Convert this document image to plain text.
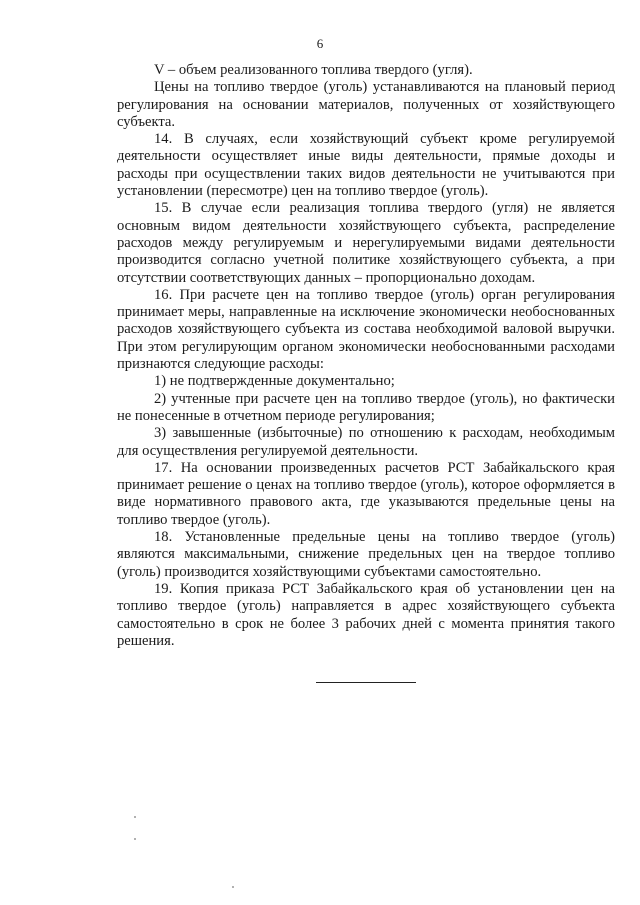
6

V – объем реализованного топлива твердого (угля).

Цены на топливо твердое (уголь) устанавливаются на плановый период регулирования на основании материалов, полученных от хозяйствующего субъекта.

14. В случаях, если хозяйствующий субъект кроме регулируемой деятельности осуществляет иные виды деятельности, прямые доходы и расходы при осуществлении таких видов деятельности не учитываются при установлении (пересмотре) цен на топливо твердое (уголь).

15. В случае если реализация топлива твердого (угля) не является основным видом деятельности хозяйствующего субъекта, распределение расходов между регулируемым и нерегулируемыми видами деятельности производится согласно учетной политике хозяйствующего субъекта, а при отсутствии соответствующих данных – пропорционально доходам.

16. При расчете цен на топливо твердое (уголь) орган регулирования принимает меры, направленные на исключение экономически необоснованных расходов хозяйствующего субъекта из состава необходимой валовой выручки. При этом регулирующим органом экономически необоснованными расходами признаются следующие расходы:

1) не подтвержденные документально;

2) учтенные при расчете цен на топливо твердое (уголь), но фактически не понесенные в отчетном периоде регулирования;

3) завышенные (избыточные) по отношению к расходам, необходимым для осуществления регулируемой деятельности.

17. На основании произведенных расчетов РСТ Забайкальского края принимает решение о ценах на топливо твердое (уголь), которое оформляется в виде нормативного правового акта, где указываются предельные цены на топливо твердое (уголь).

18. Установленные предельные цены на топливо твердое (уголь) являются максимальными, снижение предельных цен на твердое топливо (уголь) производится хозяйствующими субъектами самостоятельно.

19. Копия приказа РСТ Забайкальского края об установлении цен на топливо твердое (уголь) направляется в адрес хозяйствующего субъекта самостоятельно в срок не более 3 рабочих дней с момента принятия такого решения.
